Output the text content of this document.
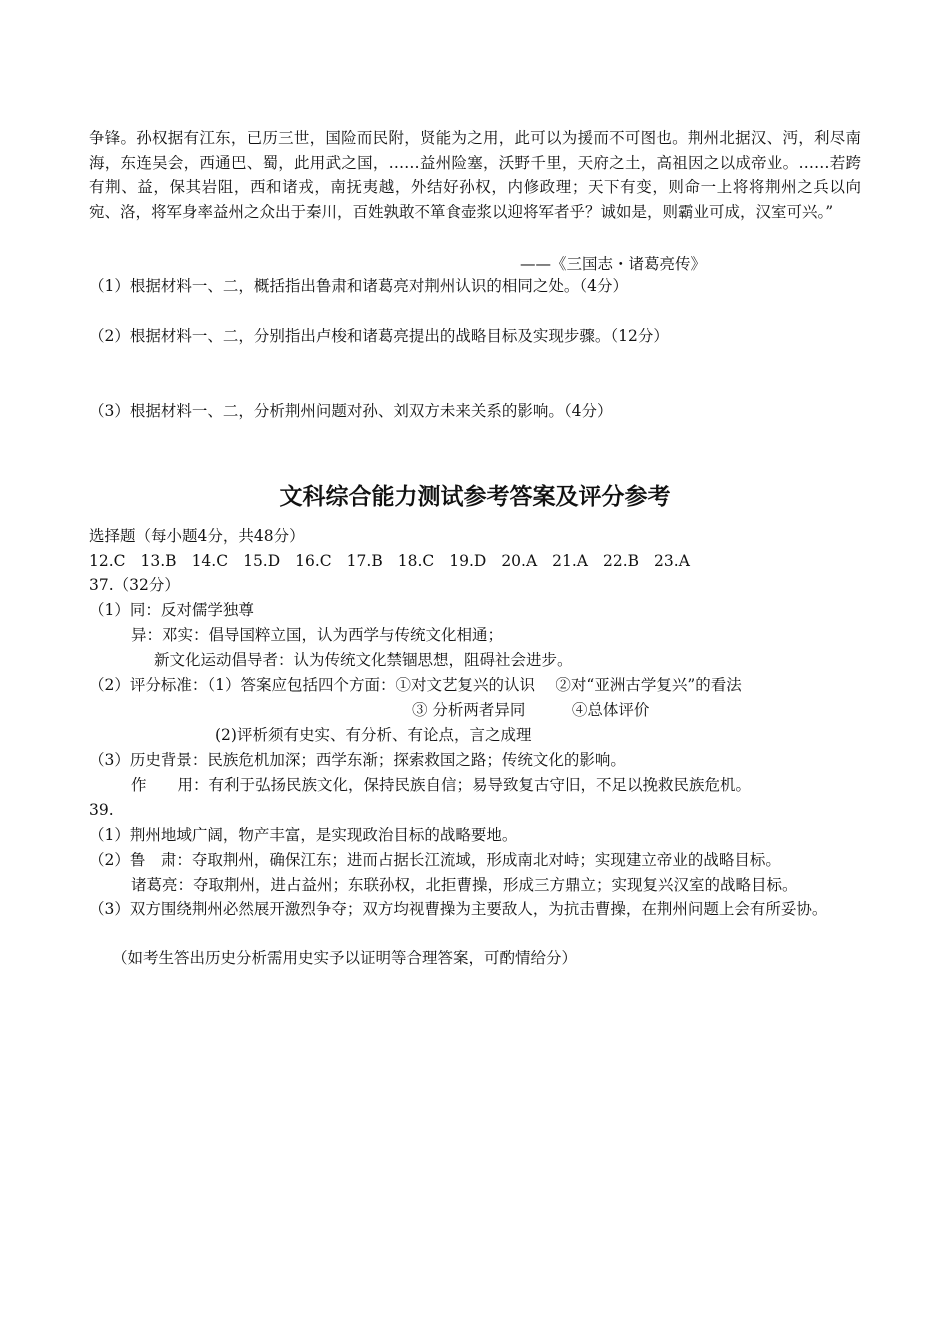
争锋。孙权据有江东，已历三世，国险而民附，贤能为之用，此可以为援而不可图也。荆州北据汉、沔，利尽南海，东连吴会，西通巴、蜀，此用武之国，……益州险塞，沃野千里，天府之土，高祖因之以成帝业。……若跨有荆、益，保其岩阻，西和诸戎，南抚夷越，外结好孙权，内修政理；天下有变，则命一上将将荆州之兵以向宛、洛，将军身率益州之众出于秦川，百姓孰敢不箪食壶浆以迎将军者乎？诚如是，则霸业可成，汉室可兴。”
——《三国志・诸葛亮传》
（1）根据材料一、二，概括指出鲁肃和诸葛亮对荆州认识的相同之处。（4分）
（2）根据材料一、二，分别指出卢梭和诸葛亮提出的战略目标及实现步骤。（12分）
（3）根据材料一、二，分析荆州问题对孙、刘双方未来关系的影响。（4分）
文科综合能力测试参考答案及评分参考
选择题（每小题4分，共48分）
12.C 13.B 14.C 15.D 16.C 17.B 18.C 19.D 20.A 21.A 22.B 23.A
37.（32分）
（1）同：反对儒学独尊
异：邓实：倡导国粹立国，认为西学与传统文化相通；
新文化运动倡导者：认为传统文化禁锢思想，阻碍社会进步。
（2）评分标准：（1）答案应包括四个方面：①对文艺复兴的认识　 ②对“亚洲古学复兴”的看法
③ 分析两者异同　　　④总体评价
(2)评析须有史实、有分析、有论点，言之成理
（3）历史背景：民族危机加深；西学东渐；探索救国之路；传统文化的影响。
作　　用：有利于弘扬民族文化，保持民族自信；易导致复古守旧，不足以挽救民族危机。
39.
（1）荆州地域广阔，物产丰富，是实现政治目标的战略要地。
（2）鲁　肃：夺取荆州，确保江东；进而占据长江流域，形成南北对峙；实现建立帝业的战略目标。
诸葛亮：夺取荆州，进占益州；东联孙权，北拒曹操，形成三方鼎立；实现复兴汉室的战略目标。
（3）双方围绕荆州必然展开激烈争夺；双方均视曹操为主要敌人，为抗击曹操，在荆州问题上会有所妥协。
（如考生答出历史分析需用史实予以证明等合理答案，可酌情给分）
